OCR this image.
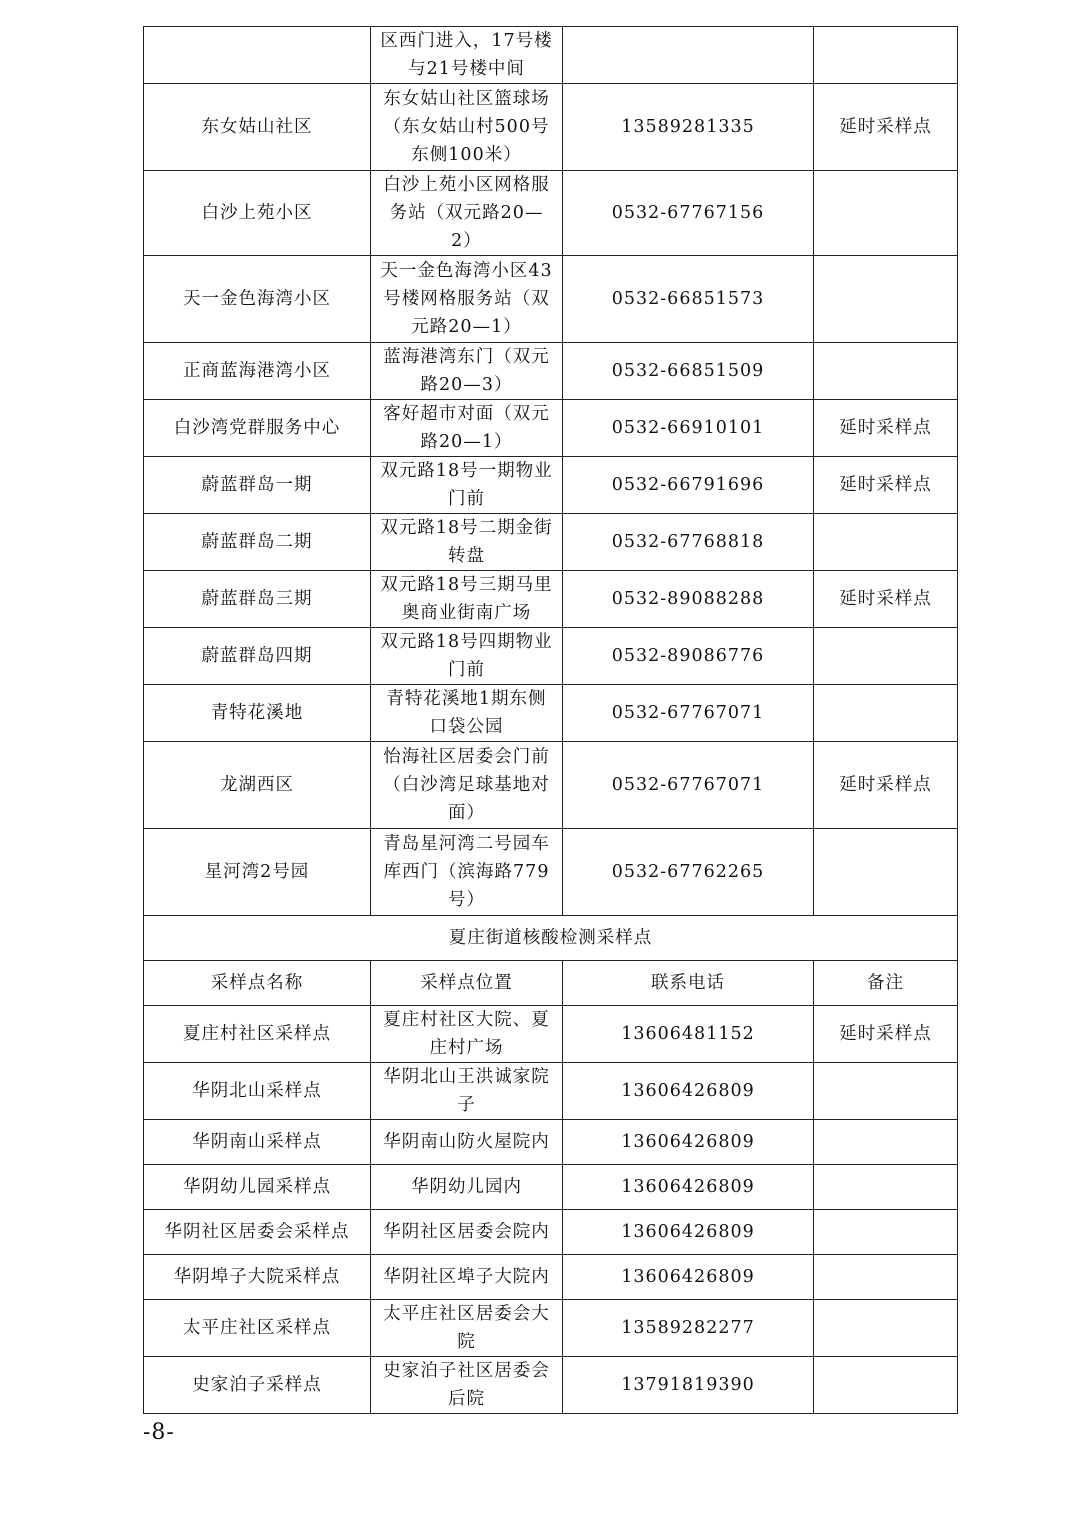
	区西门进入，17号楼与21号楼中间		
东女姑山社区	东女姑山社区篮球场（东女姑山村500号东侧100米）	13589281335	延时采样点
白沙上苑小区	白沙上苑小区网格服务站（双元路20—2）	0532-67767156	
天一金色海湾小区	天一金色海湾小区43号楼网格服务站（双元路20—1）	0532-66851573	
正商蓝海港湾小区	蓝海港湾东门（双元路20—3）	0532-66851509	
白沙湾党群服务中心	客好超市对面（双元路20—1）	0532-66910101	延时采样点
蔚蓝群岛一期	双元路18号一期物业门前	0532-66791696	延时采样点
蔚蓝群岛二期	双元路18号二期金街转盘	0532-67768818	
蔚蓝群岛三期	双元路18号三期马里奥商业街南广场	0532-89088288	延时采样点
蔚蓝群岛四期	双元路18号四期物业门前	0532-89086776	
青特花溪地	青特花溪地1期东侧口袋公园	0532-67767071	
龙湖西区	怡海社区居委会门前（白沙湾足球基地对面）	0532-67767071	延时采样点
星河湾2号园	青岛星河湾二号园车库西门（滨海路779号）	0532-67762265	
夏庄街道核酸检测采样点			
采样点名称	采样点位置	联系电话	备注
夏庄村社区采样点	夏庄村社区大院、夏庄村广场	13606481152	延时采样点
华阴北山采样点	华阴北山王洪诚家院子	13606426809	
华阴南山采样点	华阴南山防火屋院内	13606426809	
华阴幼儿园采样点	华阴幼儿园内	13606426809	
华阴社区居委会采样点	华阴社区居委会院内	13606426809	
华阴埠子大院采样点	华阴社区埠子大院内	13606426809	
太平庄社区采样点	太平庄社区居委会大院	13589282277	
史家泊子采样点	史家泊子社区居委会后院	13791819390	
-8-
